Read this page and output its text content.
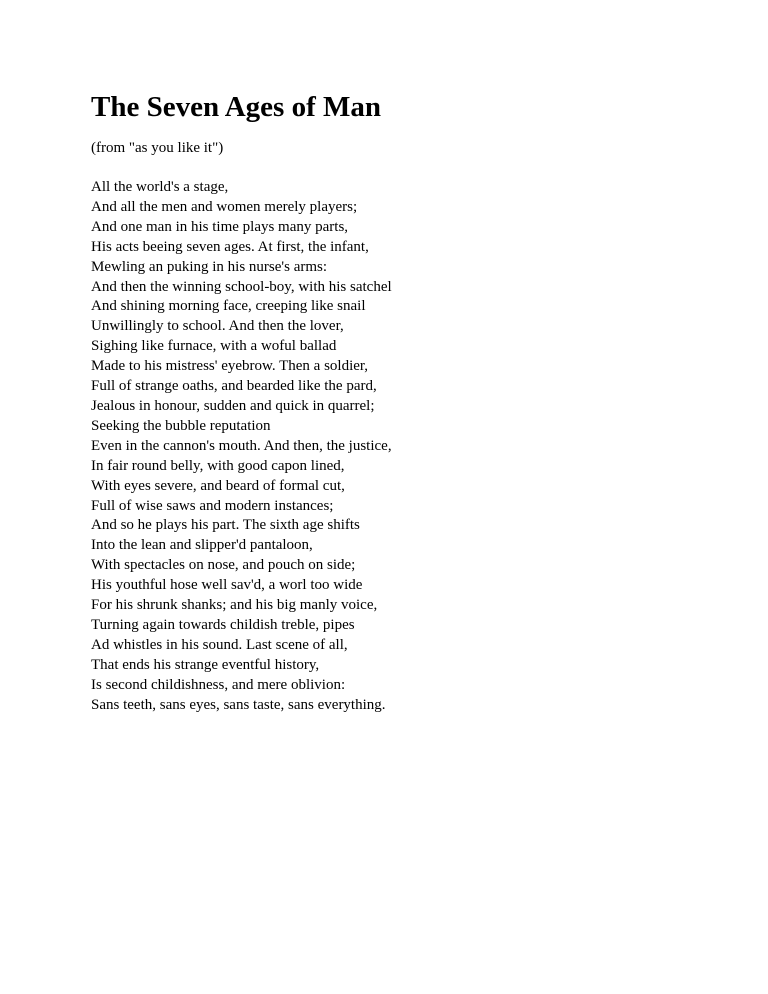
The Seven Ages of Man

(from "as you like it")

All the world's a stage,
And all the men and women merely players;
And one man in his time plays many parts,
His acts beeing seven ages. At first, the infant,
Mewling an puking in his nurse's arms:
And then the winning school-boy, with his satchel
And shining morning face, creeping like snail
Unwillingly to school. And then the lover,
Sighing like furnace, with a woful ballad
Made to his mistress' eyebrow. Then a soldier,
Full of strange oaths, and bearded like the pard,
Jealous in honour, sudden and quick in quarrel;
Seeking the bubble reputation
Even in the cannon's mouth. And then, the justice,
In fair round belly, with good capon lined,
With eyes severe, and beard of formal cut,
Full of wise saws and modern instances;
And so he plays his part. The sixth age shifts
Into the lean and slipper'd pantaloon,
With spectacles on nose, and pouch on side;
His youthful hose well sav'd, a worl too wide
For his shrunk shanks; and his big manly voice,
Turning again towards childish treble, pipes
Ad whistles in his sound. Last scene of all,
That ends his strange eventful history,
Is second childishness, and mere oblivion:
Sans teeth, sans eyes, sans taste, sans everything.
